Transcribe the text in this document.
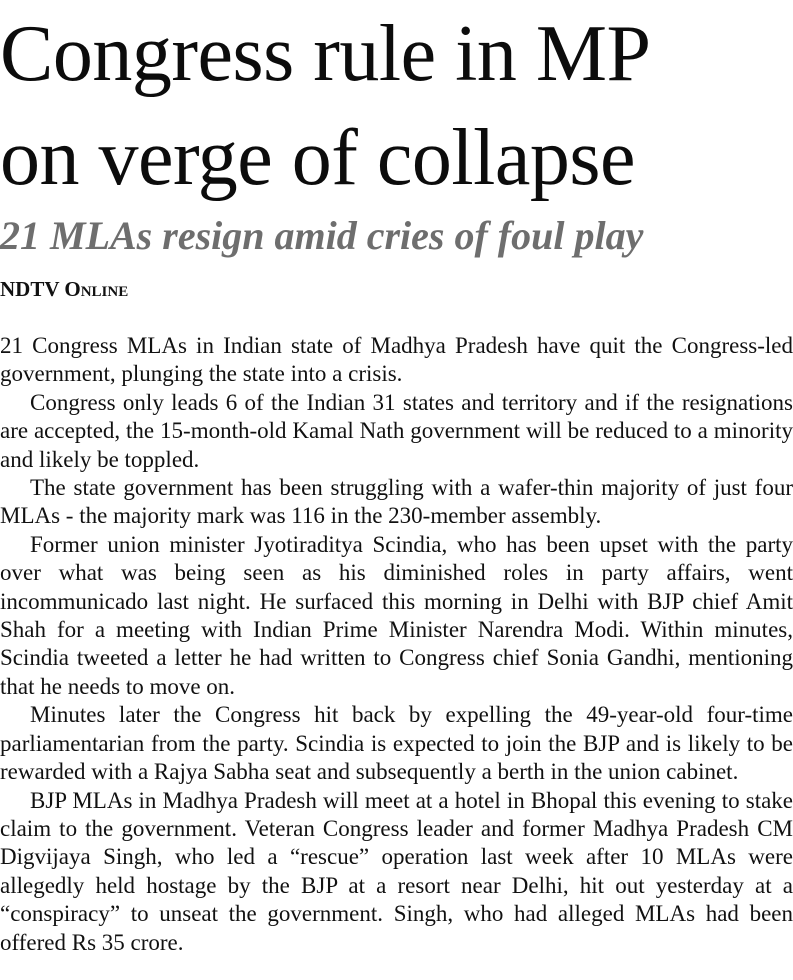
Congress rule in MP
on verge of collapse
21 MLAs resign amid cries of foul play
NDTV Online

21 Congress MLAs in Indian state of Madhya Pradesh have quit the Congress-led government, plunging the state into a crisis.

Congress only leads 6 of the Indian 31 states and territory and if the resignations are accepted, the 15-month-old Kamal Nath government will be reduced to a minority and likely be toppled.

The state government has been struggling with a wafer-thin majority of just four MLAs - the majority mark was 116 in the 230-member assembly.

Former union minister Jyotiraditya Scindia, who has been upset with the party over what was being seen as his diminished roles in party affairs, went incommunicado last night. He surfaced this morning in Delhi with BJP chief Amit Shah for a meeting with Indian Prime Minister Narendra Modi. Within minutes, Scindia tweeted a letter he had written to Congress chief Sonia Gandhi, mentioning that he needs to move on.

Minutes later the Congress hit back by expelling the 49-year-old four-time parliamentarian from the party. Scindia is expected to join the BJP and is likely to be rewarded with a Rajya Sabha seat and subsequently a berth in the union cabinet.

BJP MLAs in Madhya Pradesh will meet at a hotel in Bhopal this evening to stake claim to the government. Veteran Congress leader and former Madhya Pradesh CM Digvijaya Singh, who led a “rescue” operation last week after 10 MLAs were allegedly held hostage by the BJP at a resort near Delhi, hit out yesterday at a “conspiracy” to unseat the government. Singh, who had alleged MLAs had been offered Rs 35 crore.
